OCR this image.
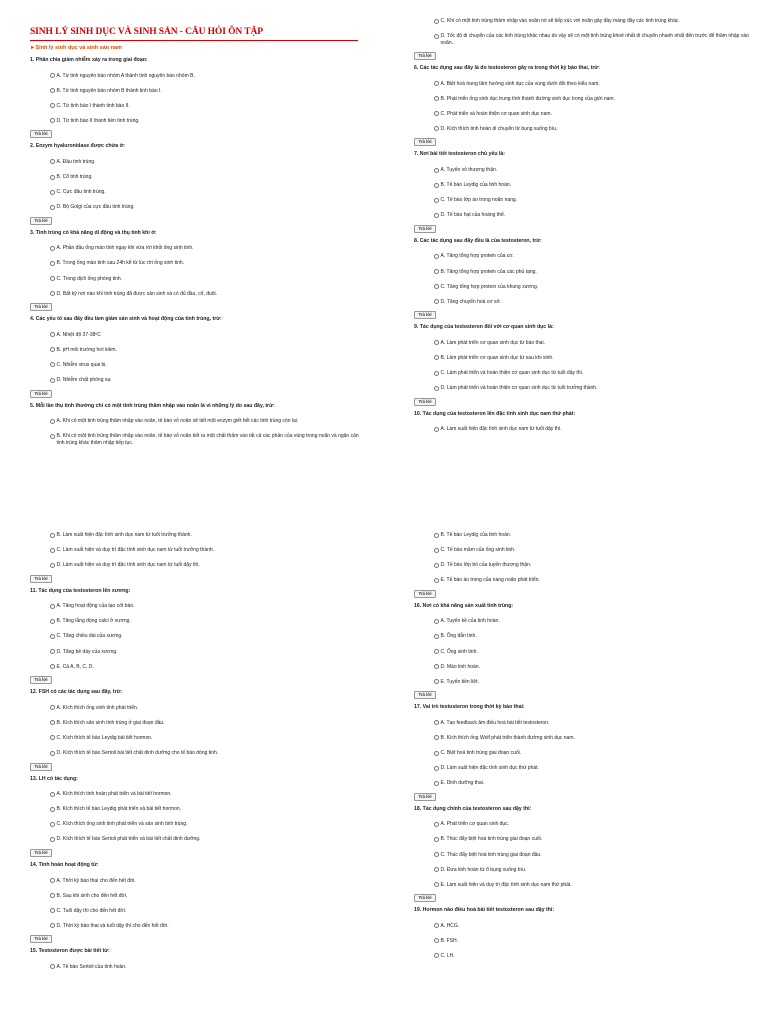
SINH LÝ SINH DỤC VÀ SINH SẢN - CÂU HỎI ÔN TẬP
►Sinh lý sinh dục và sinh sản nam
1. Phân chia giảm nhiễm xảy ra trong giai đoạn:
A. Từ tinh nguyên bào nhóm A thành tinh nguyên bào nhóm B.
B. Từ tinh nguyên bào nhóm B thành tinh bào I.
C. Từ tinh bào I thành tinh bào II.
D. Từ tinh bào II thành tiền tinh trùng.
Trả lời
2. Enzym hyaluronidase được chứa ở:
A. Đầu tinh trùng.
B. Cổ tinh trùng.
C. Cực đầu tinh trùng.
D. Bộ Golgi của cực đầu tinh trùng.
Trả lời
3. Tinh trùng có khả năng di động và thụ tinh khi ở:
A. Phần đầu ống mào tinh ngay khi vừa rời khỏi ống sinh tinh.
B. Trong ống mào tinh sau 24h kể từ lúc rời ống sinh tinh.
C. Trong dịch ống phóng tinh.
D. Bất kỳ nơi nào khi tinh trùng đã được sản sinh và có đủ đầu, cổ, đuôi.
Trả lời
4. Các yếu tố sau đây đều làm giảm sản sinh và hoạt động của tinh trùng, trừ:
A. Nhiệt độ 37-38ºC
B. pH môi trường hơi kiềm.
C. Nhiễm virus quai bị.
D. Nhiễm chất phóng xạ.
Trả lời
5. Mỗi lần thụ tinh thường chỉ có một tinh trùng thâm nhập vào noãn là vì những lý do sau đây, trừ:
A. Khi có một tinh trùng thâm nhập vào noãn, tế bào vỏ noãn sẽ tiết một enzym giết hết các tinh trùng còn lại.
B. Khi có một tinh trùng thâm nhập vào noãn, tế bào vỏ noãn tiết ra một chất thấm vào tất cả các phần của vùng trong noãn và ngăn cản tinh trùng khác thâm nhập tiếp tục.
C. Khi có một tinh trùng thâm nhập vào noãn nó sẽ tiếp xúc với noãn gây đầy màng đầy các tinh trùng khác.
D. Tốc độ di chuyển của các tinh trùng khác nhau do vậy sẽ có một tinh trùng khoẻ nhất di chuyển nhanh nhất đến trước để thâm nhập vào noãn.
Trả lời
6. Các tác dụng sau đây là do testosteron gây ra trong thời kỳ bào thai, trừ:
A. Biệt hoá trung tâm hướng sinh dục của vùng dưới đồi theo kiểu nam.
B. Phát triển ống sinh dục trung tính thành đường sinh dục trong của giới nam.
C. Phát triển và hoàn thiện cơ quan sinh dục nam.
D. Kích thích tinh hoàn di chuyển từ bụng xuống bìu.
Trả lời
7. Nơi bài tiết testosteron chủ yếu là:
A. Tuyến vỏ thượng thận.
B. Tế bào Leydig của tinh hoàn.
C. Tế bào lớp áo trong noãn nang.
D. Tế bào hạt của hoàng thể.
Trả lời
8. Các tác dụng sau đây đều là của testosteron, trừ:
A. Tăng tổng hợp protein của cơ.
B. Tăng tổng hợp protein của các phủ tạng.
C. Tăng tổng hợp protein của khung xương.
D. Tăng chuyển hoá cơ sở.
Trả lời
9. Tác dụng của testosteron đối với cơ quan sinh dục là:
A. Làm phát triển cơ quan sinh dục từ bào thai.
B. Làm phát triển cơ quan sinh dục từ sau khi sinh.
C. Làm phát triển và hoàn thiện cơ quan sinh dục từ tuổi dậy thì.
D. Làm phát triển và hoàn thiện cơ quan sinh dục từ tuổi trưởng thành.
Trả lời
10. Tác dụng của testosteron lên đặc tính sinh dục nam thứ phát:
A. Làm xuất hiện đặc tính sinh dục nam từ tuổi dậy thì.
B. Làm xuất hiện đặc tính sinh dục nam từ tuổi trưởng thành.
C. Làm xuất hiện và duy trì đặc tính sinh dục nam từ tuổi trưởng thành.
D. Làm xuất hiện và duy trì đặc tính sinh dục nam từ tuổi dậy thì.
Trả lời
11. Tác dụng của testosteron lên xương:
A. Tăng hoạt động của tạo cốt bào.
B. Tăng lắng đọng calci ở xương.
C. Tăng chiều dài của xương.
D. Tăng bề dày của xương.
E. Cả A, B, C, D.
Trả lời
12. FSH có các tác dụng sau đây, trừ:
A. Kích thích ống sinh tinh phát triển.
B. Kích thích sản sinh tinh trùng ở giai đoạn đầu.
C. Kích thích tế bào Leydig bài tiết hormon.
D. Kích thích tế bào Sertoli bài tiết chất dinh dưỡng cho tế bào dòng tinh.
Trả lời
13. LH có tác dụng:
A. Kích thích tinh hoàn phát triển và bài tiết hormon.
B. Kích thích tế bào Leydig phát triển và bài tiết hormon.
C. Kích thích ống sinh tinh phát triển và sản sinh tinh trùng.
D. Kích thích tế bào Sertoli phát triển và bài tiết chất dinh dưỡng.
Trả lời
14. Tinh hoàn hoạt động từ:
A. Thời kỳ bào thai cho đến hết đời.
B. Sau khi sinh cho đến hết đời.
C. Tuổi dậy thì cho đến hết đời.
D. Thời kỳ bào thai và tuổi dậy thì cho đến hết đời.
Trả lời
15. Testosteron được bài tiết từ:
A. Tế bào Sertoli của tinh hoàn.
B. Tế bào Leydig của tinh hoàn.
C. Tế bào mầm của ống sinh tinh.
D. Tế bào lớp bó của tuyến thượng thận.
E. Tế bào áo trong của nang noãn phát triển.
Trả lời
16. Nơi có khả năng sản xuất tinh trùng:
A. Tuyến kề của tinh hoàn.
B. Ống dẫn tinh.
C. Ống sinh tinh.
D. Mào tinh hoàn.
E. Tuyến tiền liệt.
Trả lời
17. Vai trò testosteron trong thời kỳ bào thai:
A. Tạo feedback âm điều hoà bài tiết testosteron.
B. Kích thích ống Wolf phát triển thành đường sinh dục nam.
C. Biệt hoá tinh trùng giai đoạn cuối.
D. Làm xuất hiện đặc tính sinh dục thứ phát.
E. Dinh dưỡng thai.
Trả lời
18. Tác dụng chính của testosteron sau dậy thì:
A. Phát triển cơ quan sinh dục.
B. Thúc đẩy biệt hoá tinh trùng giai đoạn cuối.
C. Thúc đẩy biệt hoá tinh trùng giai đoạn đầu.
D. Đưa tinh hoàn từ ổ bụng xuống bìu.
E. Làm xuất hiện và duy trì đặc tính sinh dục nam thứ phát.
Trả lời
19. Hormon nào điều hoà bài tiết testosteron sau dậy thì:
A. HCG.
B. FSH.
C. LH.
